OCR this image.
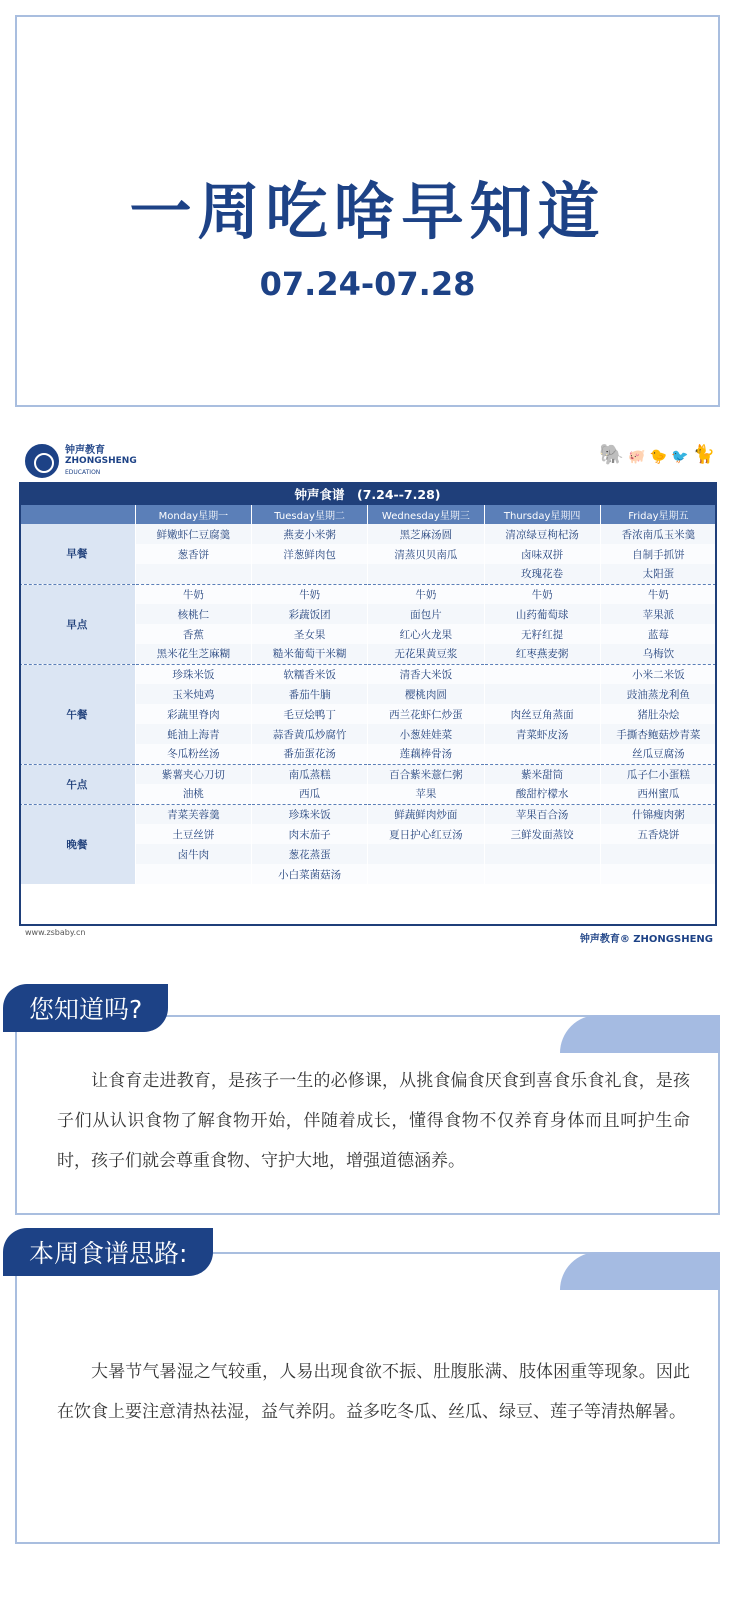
一周吃啥早知道
07.24-07.28
钟声教育
ZHONGSHENG
EDUCATION
🐘 🐖 🐤 🐦 🐈
钟声食谱　(7.24--7.28)					
	Monday星期一	Tuesday星期二	Wednesday星期三	Thursday星期四	Friday星期五
早餐	鲜嫩虾仁豆腐羹	燕麦小米粥	黑芝麻汤圆	清凉绿豆枸杞汤	香浓南瓜玉米羹
	葱香饼	洋葱鲜肉包	清蒸贝贝南瓜	卤味双拼	自制手抓饼
				玫瑰花卷	太阳蛋
早点	牛奶	牛奶	牛奶	牛奶	牛奶
	核桃仁	彩蔬饭团	面包片	山药葡萄球	苹果派
	香蕉	圣女果	红心火龙果	无籽红提	蓝莓
	黑米花生芝麻糊	糙米葡萄干米糊	无花果黄豆浆	红枣燕麦粥	乌梅饮
午餐	珍珠米饭	软糯香米饭	清香大米饭		小米二米饭
	玉米炖鸡	番茄牛腩	樱桃肉圆		豉油蒸龙利鱼
	彩蔬里脊肉	毛豆烩鸭丁	西兰花虾仁炒蛋	肉丝豆角蒸面	猪肚杂烩
	蚝油上海青	蒜香黄瓜炒腐竹	小葱娃娃菜	青菜虾皮汤	手撕杏鲍菇炒青菜
	冬瓜粉丝汤	番茄蛋花汤	莲藕棒骨汤		丝瓜豆腐汤
午点	紫薯夹心刀切	南瓜蒸糕	百合紫米薏仁粥	紫米甜筒	瓜子仁小蛋糕
	油桃	西瓜	苹果	酸甜柠檬水	西州蜜瓜
晚餐	青菜芙蓉羹	珍珠米饭	鲜蔬鲜肉炒面	苹果百合汤	什锦瘦肉粥
	土豆丝饼	肉末茄子	夏日护心红豆汤	三鲜发面蒸饺	五香烧饼
	卤牛肉	葱花蒸蛋			
		小白菜菌菇汤			
www.zsbaby.cn
钟声教育® ZHONGSHENG
您知道吗?
让食育走进教育，是孩子一生的必修课，从挑食偏食厌食到喜食乐食礼食，是孩子们从认识食物了解食物开始，伴随着成长，懂得食物不仅养育身体而且呵护生命时，孩子们就会尊重食物、守护大地，增强道德涵养。
本周食谱思路:
大暑节气暑湿之气较重，人易出现食欲不振、肚腹胀满、肢体困重等现象。因此在饮食上要注意清热祛湿，益气养阴。益多吃冬瓜、丝瓜、绿豆、莲子等清热解暑。
